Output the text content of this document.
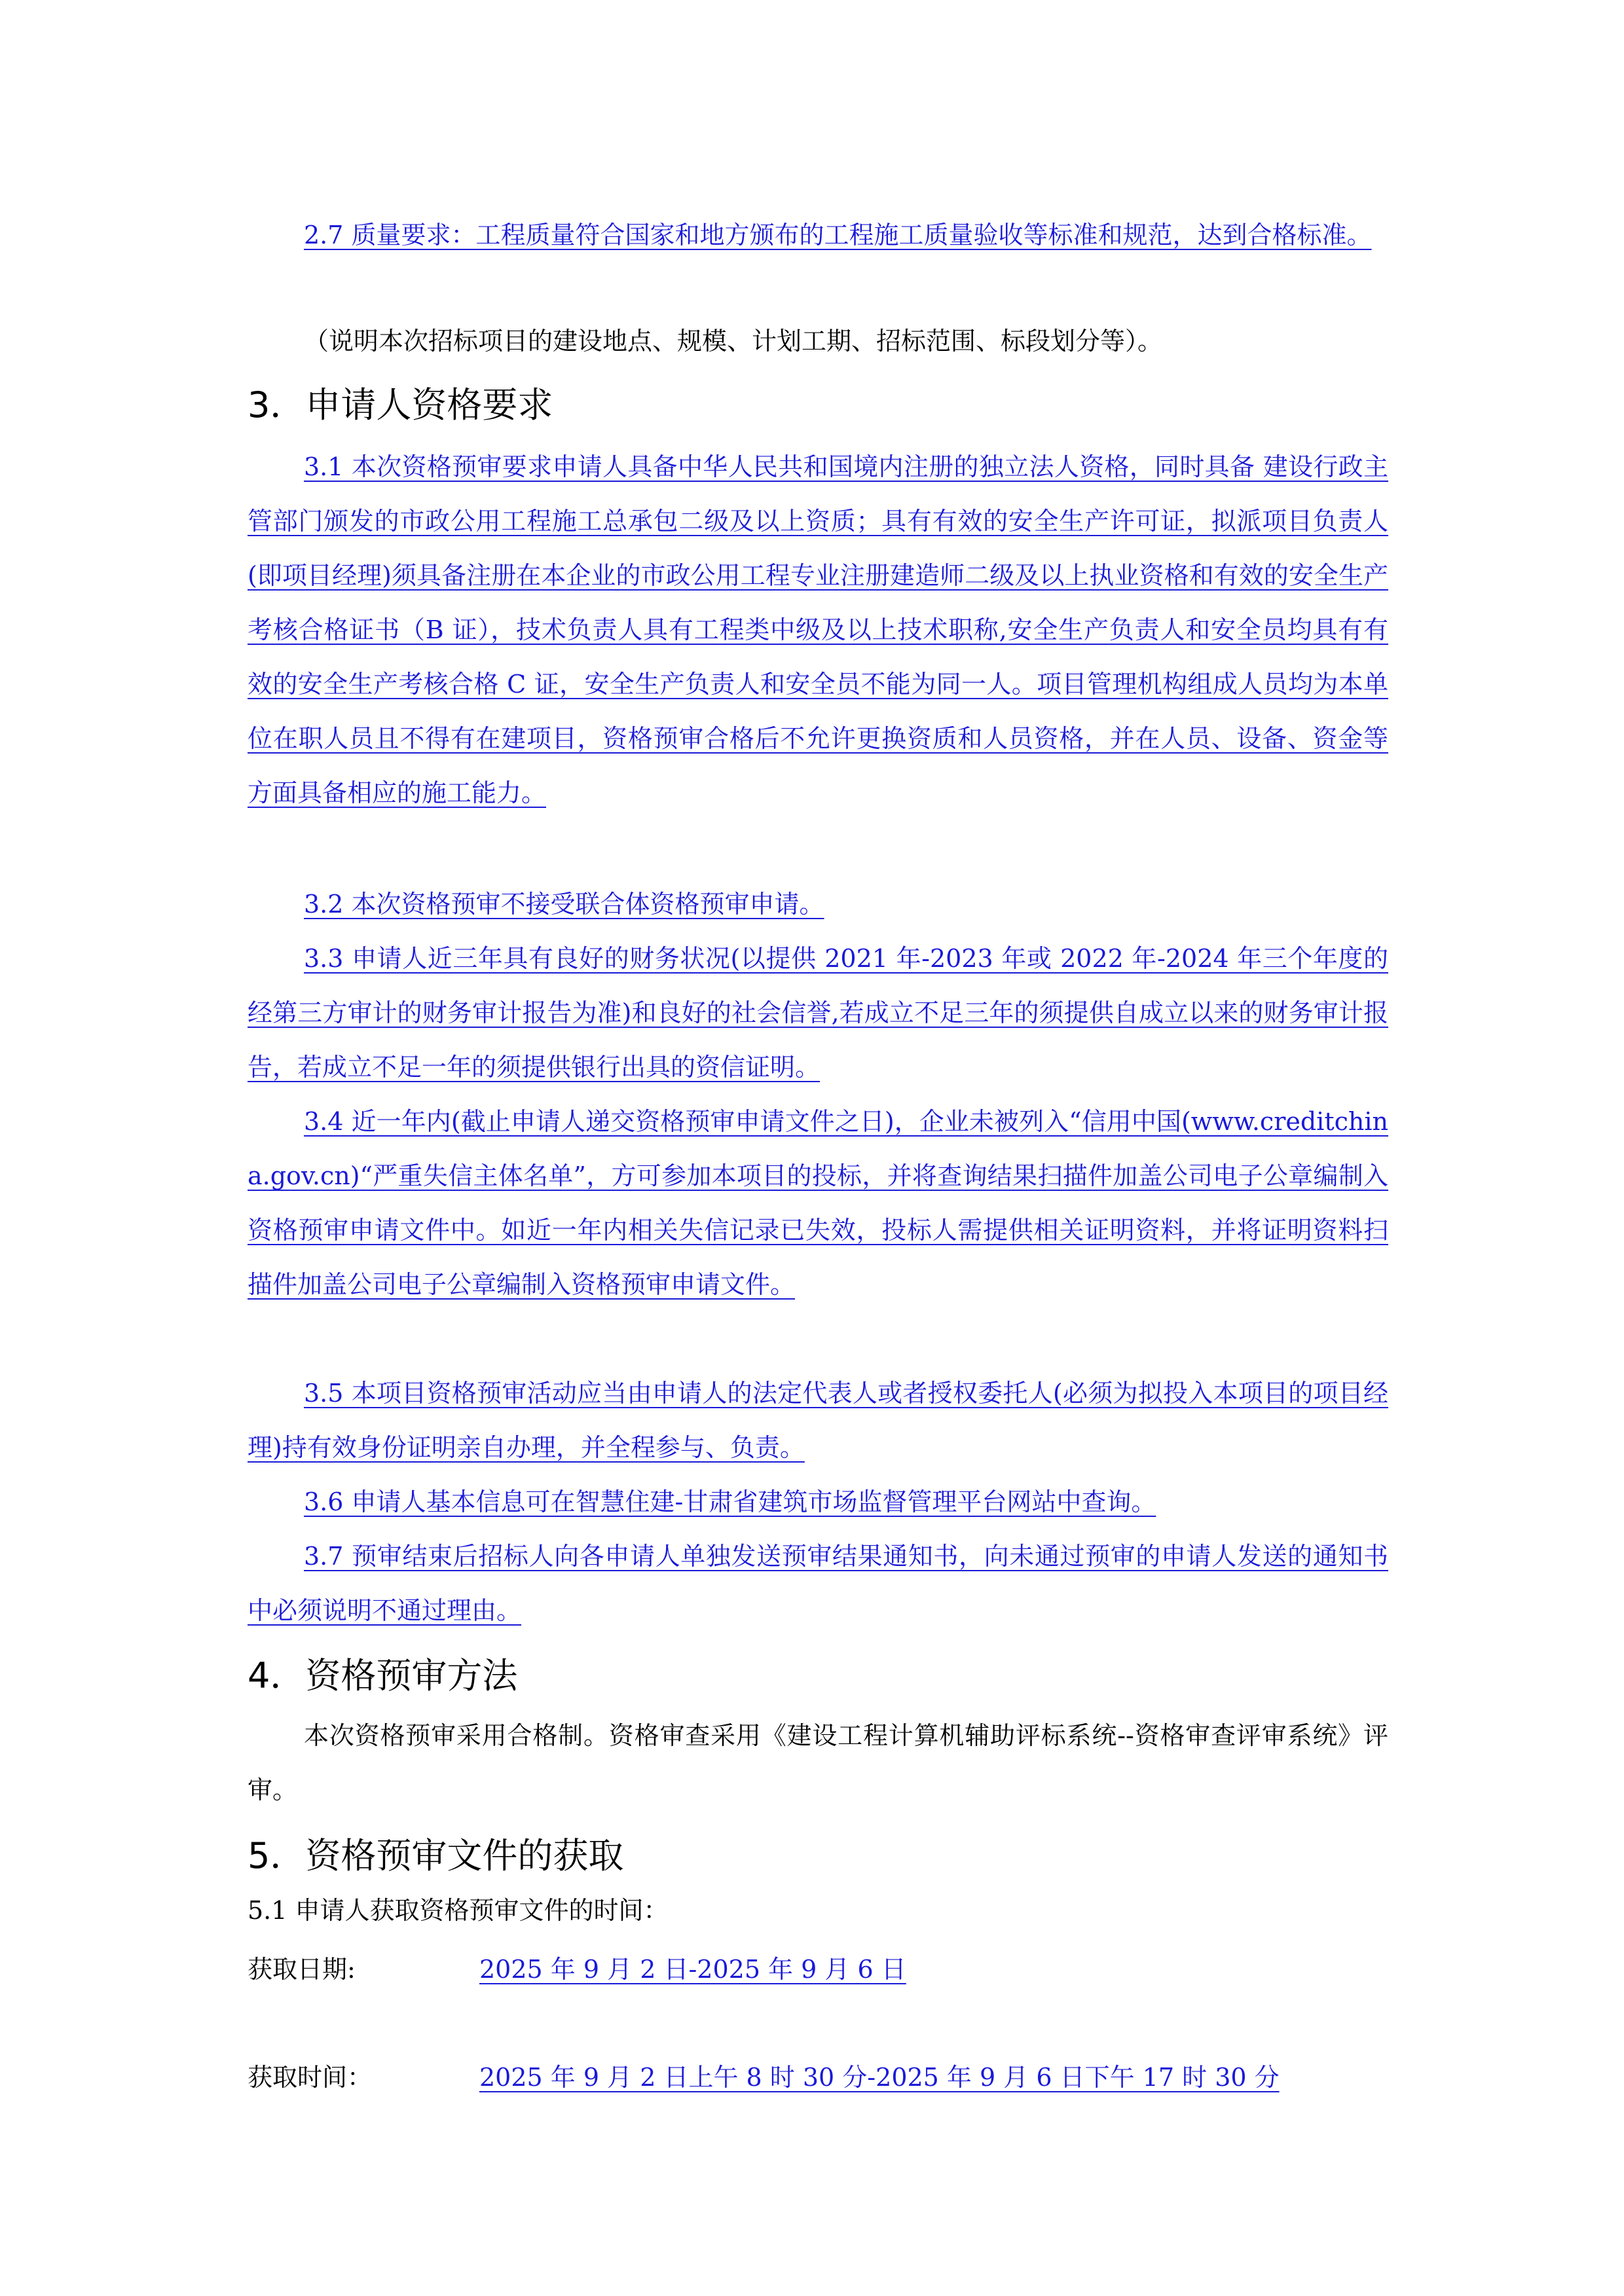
2.7 质量要求：工程质量符合国家和地方颁布的工程施工质量验收等标准和规范，达到合格标准。

（说明本次招标项目的建设地点、规模、计划工期、招标范围、标段划分等）。

3．申请人资格要求

3.1 本次资格预审要求申请人具备中华人民共和国境内注册的独立法人资格，同时具备 建设行政主管部门颁发的市政公用工程施工总承包二级及以上资质；具有有效的安全生产许可证，拟派项目负责人(即项目经理)须具备注册在本企业的市政公用工程专业注册建造师二级及以上执业资格和有效的安全生产考核合格证书（B 证），技术负责人具有工程类中级及以上技术职称,安全生产负责人和安全员均具有有效的安全生产考核合格 C 证，安全生产负责人和安全员不能为同一人。项目管理机构组成人员均为本单位在职人员且不得有在建项目，资格预审合格后不允许更换资质和人员资格，并在人员、设备、资金等方面具备相应的施工能力。

3.2 本次资格预审不接受联合体资格预审申请。

3.3 申请人近三年具有良好的财务状况(以提供 2021 年-2023 年或 2022 年-2024 年三个年度的经第三方审计的财务审计报告为准)和良好的社会信誉,若成立不足三年的须提供自成立以来的财务审计报告，若成立不足一年的须提供银行出具的资信证明。

3.4 近一年内(截止申请人递交资格预审申请文件之日)，企业未被列入“信用中国(www.creditchina.gov.cn)“严重失信主体名单”，方可参加本项目的投标，并将查询结果扫描件加盖公司电子公章编制入资格预审申请文件中。如近一年内相关失信记录已失效，投标人需提供相关证明资料，并将证明资料扫描件加盖公司电子公章编制入资格预审申请文件。

3.5 本项目资格预审活动应当由申请人的法定代表人或者授权委托人(必须为拟投入本项目的项目经理)持有效身份证明亲自办理，并全程参与、负责。

3.6 申请人基本信息可在智慧住建-甘肃省建筑市场监督管理平台网站中查询。

3.7 预审结束后招标人向各申请人单独发送预审结果通知书，向未通过预审的申请人发送的通知书中必须说明不通过理由。

4．资格预审方法

本次资格预审采用合格制。资格审查采用《建设工程计算机辅助评标系统--资格审查评审系统》评审。

5．资格预审文件的获取
5.1 申请人获取资格预审文件的时间：
获取日期:	2025 年 9 月 2 日-2025 年 9 月 6 日
获取时间：	2025 年 9 月 2 日上午 8 时 30 分-2025 年 9 月 6 日下午 17 时 30 分
